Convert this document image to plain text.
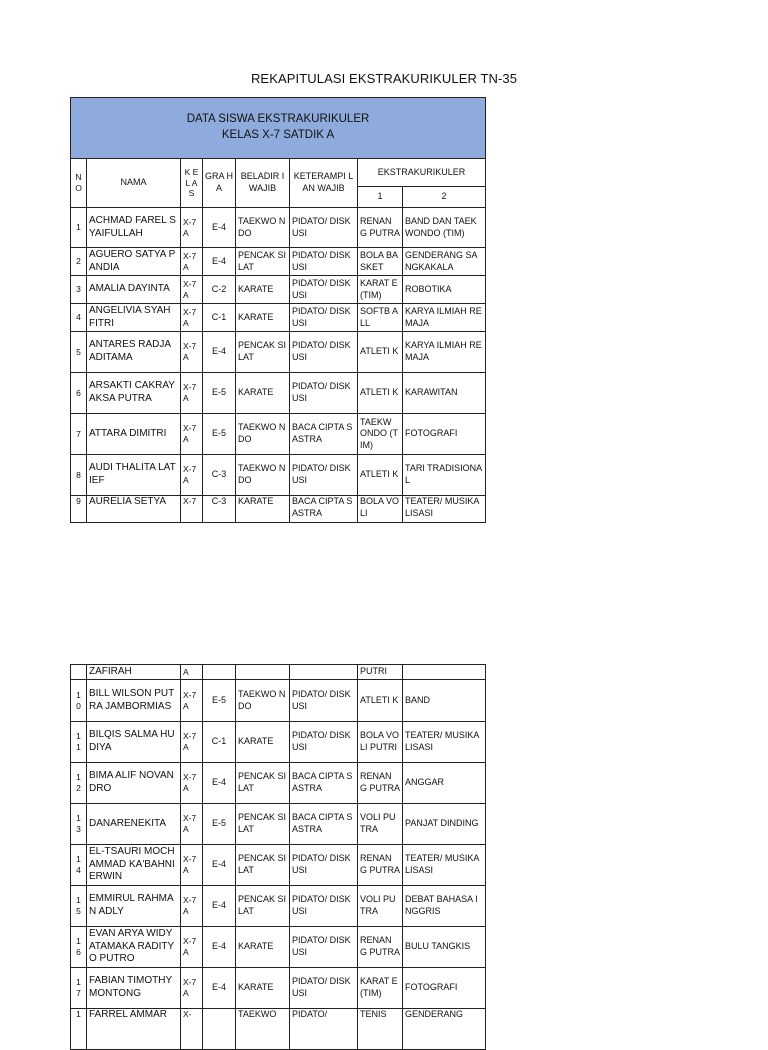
REKAPITULASI EKSTRAKURIKULER TN-35
DATA SISWA EKSTRAKURIKULER
KELAS X-7 SATDIK A							

N O	NAMA	K EL A S	GRA HA	BELADIR I WAJIB	KETERAMPI LAN WAJIB	EKSTRAKURIKULER	
						1	2
1	ACHMAD FAREL SYAIFULLAH	X-7A	E-4	TAEKWO NDO	PIDATO/ DISKUSI	RENAN G PUTRA	BAND DAN TAEKWONDO (TIM)
2	AGUERO SATYA PANDIA	X-7A	E-4	PENCAK SILAT	PIDATO/ DISKUSI	BOLA BASKET	GENDERANG SANGKAKALA
3	AMALIA DAYINTA	X-7A	C-2	KARATE	PIDATO/ DISKUSI	KARAT E (TIM)	ROBOTIKA
4	ANGELIVIA SYAH FITRI	X-7A	C-1	KARATE	PIDATO/ DISKUSI	SOFTB ALL	KARYA ILMIAH REMAJA
5	ANTARES RADJA ADITAMA	X-7 A	E-4	PENCAK SILAT	PIDATO/ DISKUSI	ATLETI K	KARYA ILMIAH REMAJA
6	ARSAKTI CAKRAYAKSA PUTRA	X-7 A	E-5	KARATE	PIDATO/ DISKUSI	ATLETI K	KARAWITAN
7	ATTARA DIMITRI	X-7 A	E-5	TAEKWO NDO	BACA CIPTA SASTRA	TAEKW ONDO (TIM)	FOTOGRAFI
8	AUDI THALITA LATIEF	X-7 A	C-3	TAEKWO NDO	PIDATO/ DISKUSI	ATLETI K	TARI TRADISIONAL
9	AURELIA SETYA	X-7	C-3	KARATE	BACA CIPTA SASTRA	BOLA VOLI	TEATER/ MUSIKALISASI
	ZAFIRAH	A				PUTRI	
1 0	BILL WILSON PUTRA JAMBORMIAS	X-7 A	E-5	TAEKWO NDO	PIDATO/ DISKUSI	ATLETI K	BAND
1 1	BILQIS SALMA HUDIYA	X-7 A	C-1	KARATE	PIDATO/ DISKUSI	BOLA VOLI PUTRI	TEATER/ MUSIKALISASI
1 2	BIMA ALIF NOVANDRO	X-7 A	E-4	PENCAK SILAT	BACA CIPTA SASTRA	RENAN G PUTRA	ANGGAR
1 3	DANARENEKITA	X-7 A	E-5	PENCAK SILAT	BACA CIPTA SASTRA	VOLI PUTRA	PANJAT DINDING
1 4	EL-TSAURI MOCHAMMAD KA'BAHNI ERWIN	X-7 A	E-4	PENCAK SILAT	PIDATO/ DISKUSI	RENAN G PUTRA	TEATER/ MUSIKALISASI
1 5	EMMIRUL RAHMAN ADLY	X-7 A	E-4	PENCAK SILAT	PIDATO/ DISKUSI	VOLI PUTRA	DEBAT BAHASA INGGRIS
1 6	EVAN ARYA WIDYATAMAKA RADITYO PUTRO	X-7 A	E-4	KARATE	PIDATO/ DISKUSI	RENAN G PUTRA	BULU TANGKIS
1 7	FABIAN TIMOTHY MONTONG	X-7 A	E-4	KARATE	PIDATO/ DISKUSI	KARAT E (TIM)	FOTOGRAFI
1	FARREL AMMAR	X-		TAEKWO	PIDATO/	TENIS	GENDERANG
